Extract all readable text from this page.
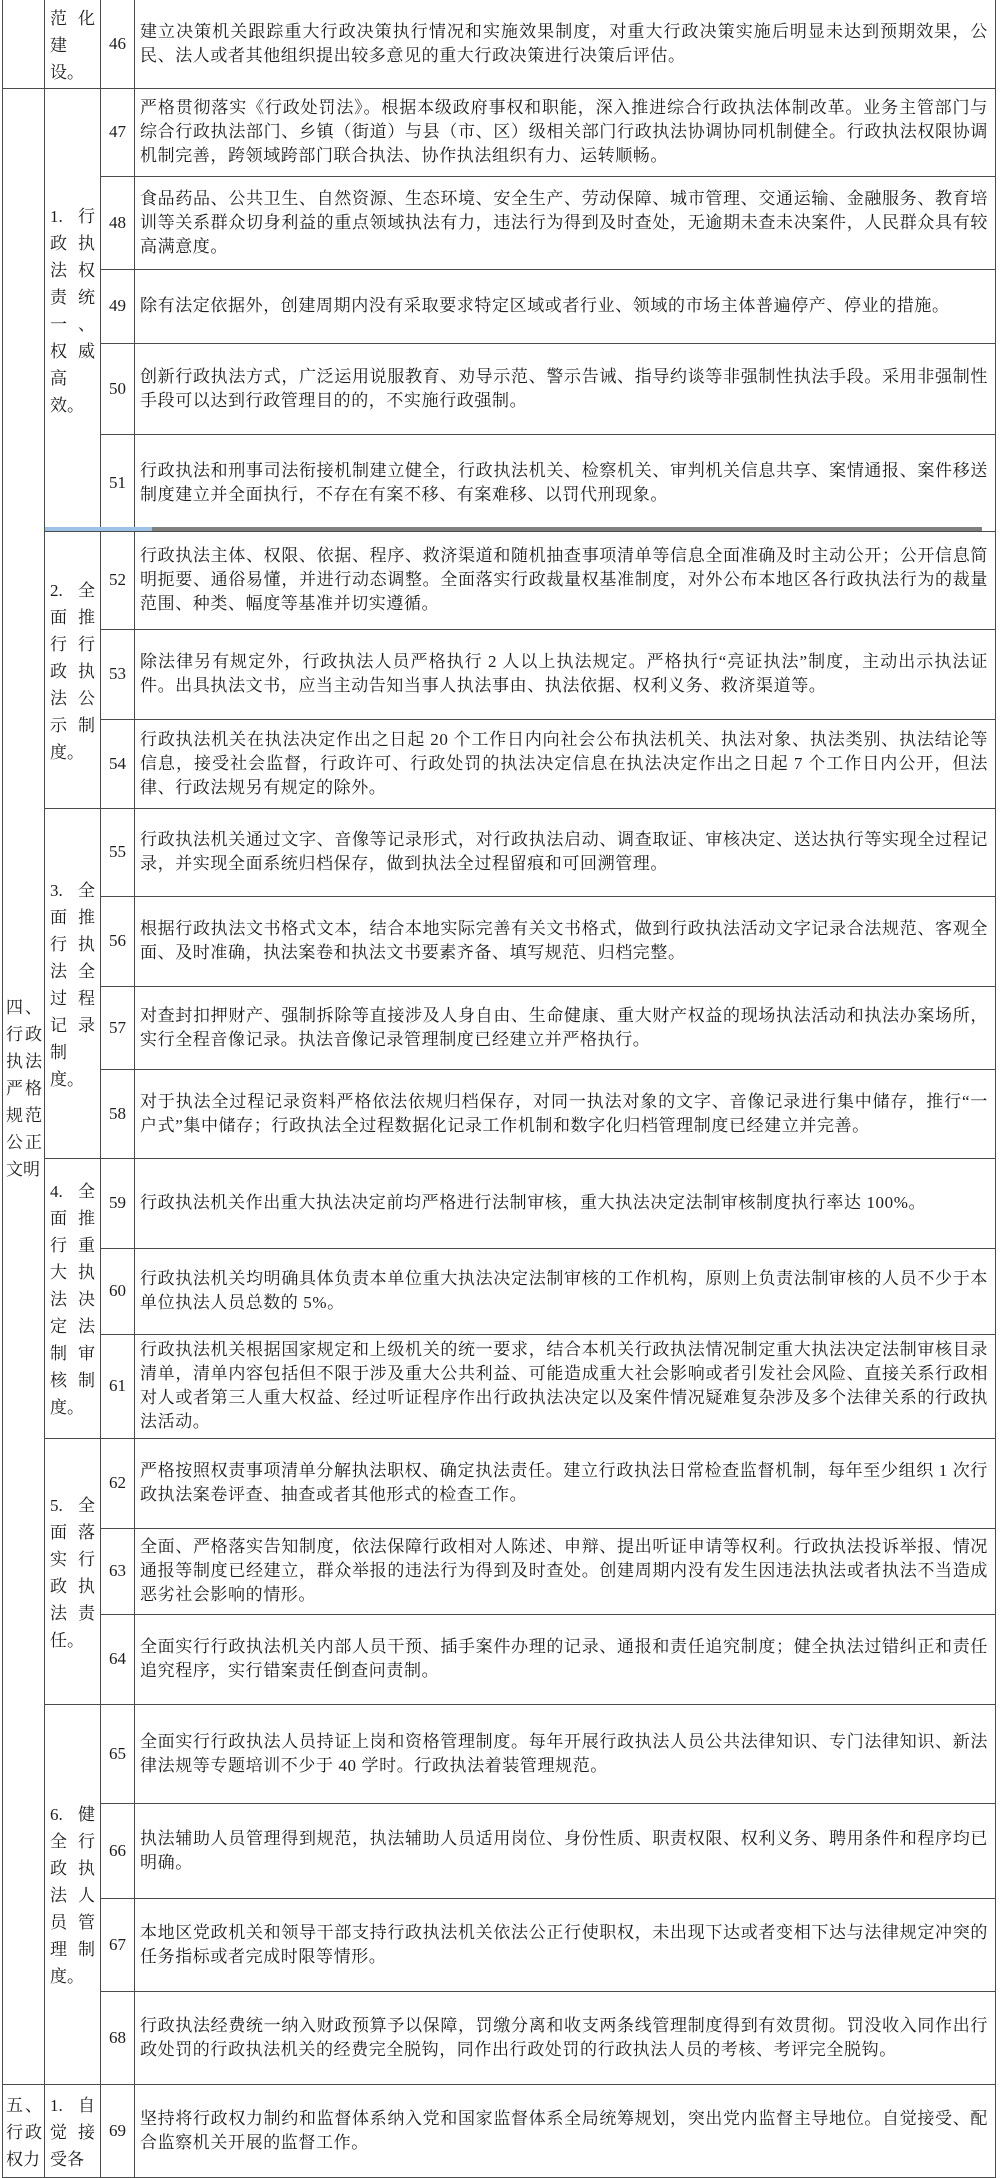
	范化建设。	46	建立决策机关跟踪重大行政决策执行情况和实施效果制度，对重大行政决策实施后明显未达到预期效果，公民、法人或者其他组织提出较多意见的重大行政决策进行决策后评估。
四、行政执法严格规范公正文明	1. 行政执法权责统一、权威高效。	47	严格贯彻落实《行政处罚法》。根据本级政府事权和职能，深入推进综合行政执法体制改革。业务主管部门与综合行政执法部门、乡镇（街道）与县（市、区）级相关部门行政执法协调协同机制健全。行政执法权限协调机制完善，跨领域跨部门联合执法、协作执法组织有力、运转顺畅。
		48	食品药品、公共卫生、自然资源、生态环境、安全生产、劳动保障、城市管理、交通运输、金融服务、教育培训等关系群众切身利益的重点领域执法有力，违法行为得到及时查处，无逾期未查未决案件，人民群众具有较高满意度。
		49	除有法定依据外，创建周期内没有采取要求特定区域或者行业、领域的市场主体普遍停产、停业的措施。
		50	创新行政执法方式，广泛运用说服教育、劝导示范、警示告诫、指导约谈等非强制性执法手段。采用非强制性手段可以达到行政管理目的的，不实施行政强制。
		51	行政执法和刑事司法衔接机制建立健全，行政执法机关、检察机关、审判机关信息共享、案情通报、案件移送制度建立并全面执行，不存在有案不移、有案难移、以罚代刑现象。
	2. 全面推行行政执法公示制度。	52	行政执法主体、权限、依据、程序、救济渠道和随机抽查事项清单等信息全面准确及时主动公开；公开信息简明扼要、通俗易懂，并进行动态调整。全面落实行政裁量权基准制度，对外公布本地区各行政执法行为的裁量范围、种类、幅度等基准并切实遵循。
		53	除法律另有规定外，行政执法人员严格执行 2 人以上执法规定。严格执行“亮证执法”制度，主动出示执法证件。出具执法文书，应当主动告知当事人执法事由、执法依据、权利义务、救济渠道等。
		54	行政执法机关在执法决定作出之日起 20 个工作日内向社会公布执法机关、执法对象、执法类别、执法结论等信息，接受社会监督，行政许可、行政处罚的执法决定信息在执法决定作出之日起 7 个工作日内公开，但法律、行政法规另有规定的除外。
	3. 全面推行执法全过程记录制度。	55	行政执法机关通过文字、音像等记录形式，对行政执法启动、调查取证、审核决定、送达执行等实现全过程记录，并实现全面系统归档保存，做到执法全过程留痕和可回溯管理。
		56	根据行政执法文书格式文本，结合本地实际完善有关文书格式，做到行政执法活动文字记录合法规范、客观全面、及时准确，执法案卷和执法文书要素齐备、填写规范、归档完整。
		57	对查封扣押财产、强制拆除等直接涉及人身自由、生命健康、重大财产权益的现场执法活动和执法办案场所，实行全程音像记录。执法音像记录管理制度已经建立并严格执行。
		58	对于执法全过程记录资料严格依法依规归档保存，对同一执法对象的文字、音像记录进行集中储存，推行“一户式”集中储存；行政执法全过程数据化记录工作机制和数字化归档管理制度已经建立并完善。
	4. 全面推行重大执法决定法制审核制度。	59	行政执法机关作出重大执法决定前均严格进行法制审核，重大执法决定法制审核制度执行率达 100%。
		60	行政执法机关均明确具体负责本单位重大执法决定法制审核的工作机构，原则上负责法制审核的人员不少于本单位执法人员总数的 5%。
		61	行政执法机关根据国家规定和上级机关的统一要求，结合本机关行政执法情况制定重大执法决定法制审核目录清单，清单内容包括但不限于涉及重大公共利益、可能造成重大社会影响或者引发社会风险、直接关系行政相对人或者第三人重大权益、经过听证程序作出行政执法决定以及案件情况疑难复杂涉及多个法律关系的行政执法活动。
	5. 全面落实行政执法责任。	62	严格按照权责事项清单分解执法职权、确定执法责任。建立行政执法日常检查监督机制，每年至少组织 1 次行政执法案卷评查、抽查或者其他形式的检查工作。
		63	全面、严格落实告知制度，依法保障行政相对人陈述、申辩、提出听证申请等权利。行政执法投诉举报、情况通报等制度已经建立，群众举报的违法行为得到及时查处。创建周期内没有发生因违法执法或者执法不当造成恶劣社会影响的情形。
		64	全面实行行政执法机关内部人员干预、插手案件办理的记录、通报和责任追究制度；健全执法过错纠正和责任追究程序，实行错案责任倒查问责制。
	6. 健全行政执法人员管理制度。	65	全面实行行政执法人员持证上岗和资格管理制度。每年开展行政执法人员公共法律知识、专门法律知识、新法律法规等专题培训不少于 40 学时。行政执法着装管理规范。
		66	执法辅助人员管理得到规范，执法辅助人员适用岗位、身份性质、职责权限、权利义务、聘用条件和程序均已明确。
		67	本地区党政机关和领导干部支持行政执法机关依法公正行使职权，未出现下达或者变相下达与法律规定冲突的任务指标或者完成时限等情形。
		68	行政执法经费统一纳入财政预算予以保障，罚缴分离和收支两条线管理制度得到有效贯彻。罚没收入同作出行政处罚的行政执法机关的经费完全脱钩，同作出行政处罚的行政执法人员的考核、考评完全脱钩。
五、行政权力	1. 自觉接受各	69	坚持将行政权力制约和监督体系纳入党和国家监督体系全局统筹规划，突出党内监督主导地位。自觉接受、配合监察机关开展的监督工作。
